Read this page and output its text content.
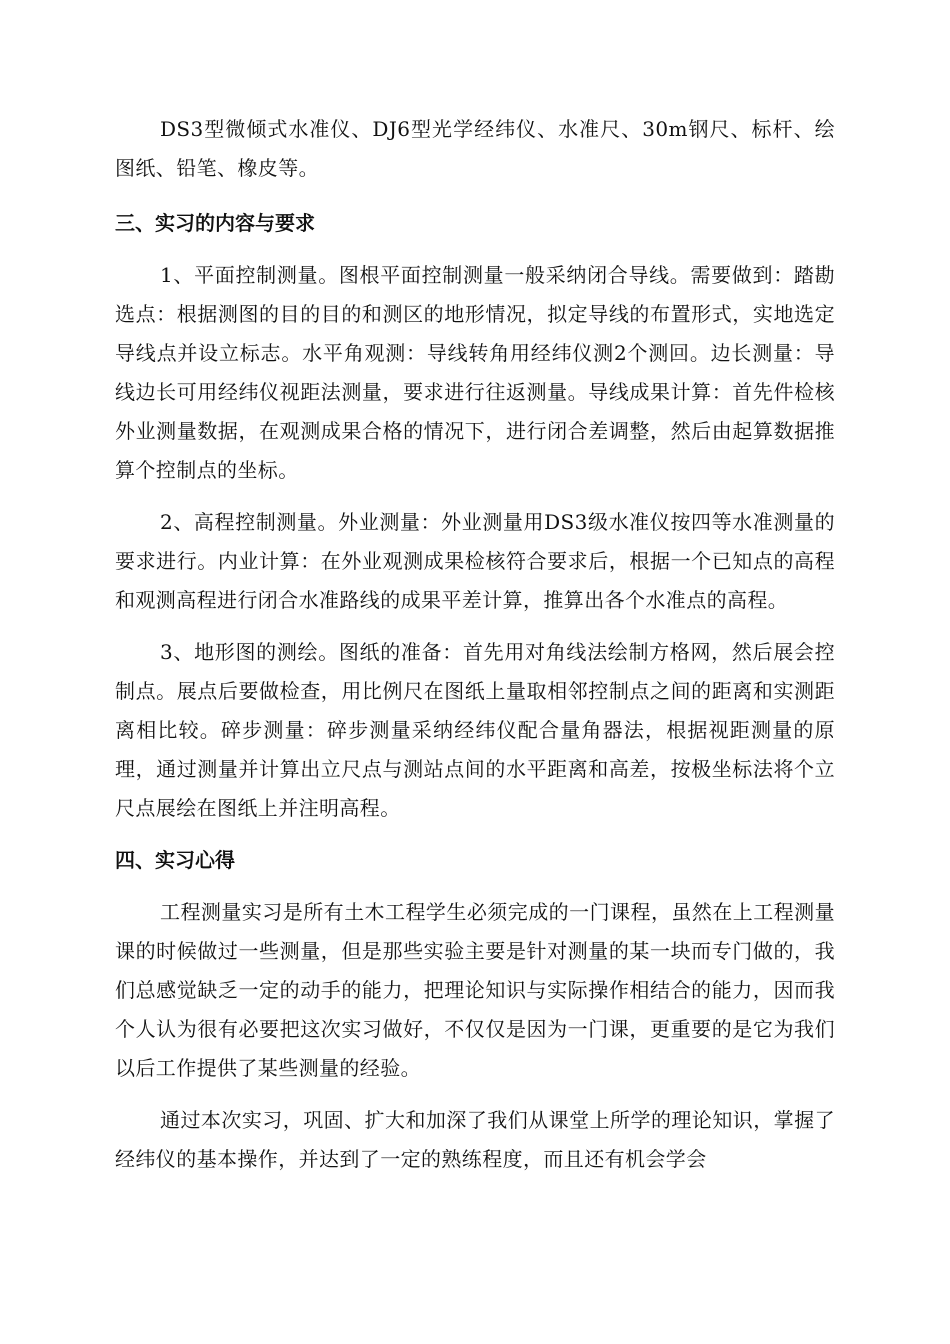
DS3型微倾式水准仪、DJ6型光学经纬仪、水准尺、30m钢尺、标杆、绘图纸、铅笔、橡皮等。

三、实习的内容与要求

1、平面控制测量。图根平面控制测量一般采纳闭合导线。需要做到：踏勘选点：根据测图的目的目的和测区的地形情况，拟定导线的布置形式，实地选定导线点并设立标志。水平角观测：导线转角用经纬仪测2个测回。边长测量：导线边长可用经纬仪视距法测量，要求进行往返测量。导线成果计算：首先件检核外业测量数据，在观测成果合格的情况下，进行闭合差调整，然后由起算数据推算个控制点的坐标。

2、高程控制测量。外业测量：外业测量用DS3级水准仪按四等水准测量的要求进行。内业计算：在外业观测成果检核符合要求后，根据一个已知点的高程和观测高程进行闭合水准路线的成果平差计算，推算出各个水准点的高程。

3、地形图的测绘。图纸的准备：首先用对角线法绘制方格网，然后展会控制点。展点后要做检查，用比例尺在图纸上量取相邻控制点之间的距离和实测距离相比较。碎步测量：碎步测量采纳经纬仪配合量角器法，根据视距测量的原理，通过测量并计算出立尺点与测站点间的水平距离和高差，按极坐标法将个立尺点展绘在图纸上并注明高程。

四、实习心得

工程测量实习是所有土木工程学生必须完成的一门课程，虽然在上工程测量课的时候做过一些测量，但是那些实验主要是针对测量的某一块而专门做的，我们总感觉缺乏一定的动手的能力，把理论知识与实际操作相结合的能力，因而我个人认为很有必要把这次实习做好，不仅仅是因为一门课，更重要的是它为我们以后工作提供了某些测量的经验。

通过本次实习，巩固、扩大和加深了我们从课堂上所学的理论知识，掌握了经纬仪的基本操作，并达到了一定的熟练程度，而且还有机会学会
